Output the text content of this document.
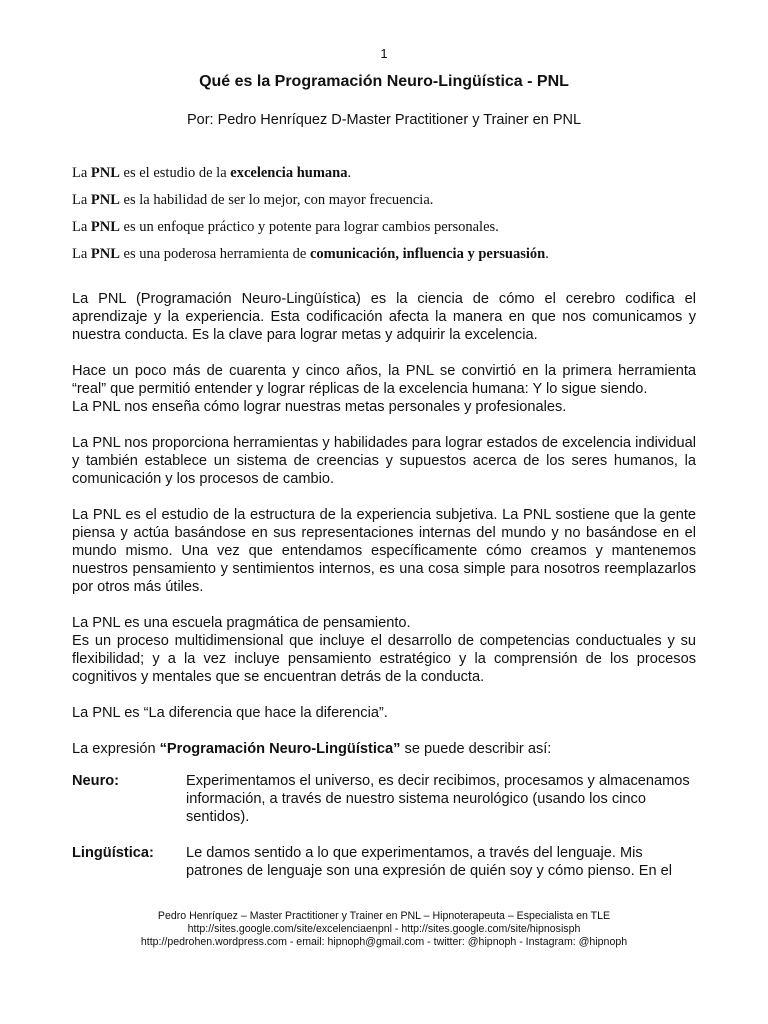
1
Qué es la Programación Neuro-Lingüística - PNL
Por: Pedro Henríquez D-Master Practitioner y Trainer en PNL

La PNL es el estudio de la excelencia humana.

La PNL es la habilidad de ser lo mejor, con mayor frecuencia.

La PNL es un enfoque práctico y potente para lograr cambios personales.

La PNL es una poderosa herramienta de comunicación, influencia y persuasión.

La PNL (Programación Neuro-Lingüística) es la ciencia de cómo el cerebro codifica el aprendizaje y la experiencia. Esta codificación afecta la manera en que nos comunicamos y nuestra conducta. Es la clave para lograr metas y adquirir la excelencia.

Hace un poco más de cuarenta y cinco años, la PNL se convirtió en la primera herramienta “real” que permitió entender y lograr réplicas de la excelencia humana: Y lo sigue siendo.

La PNL nos enseña cómo lograr nuestras metas personales y profesionales.

La PNL nos proporciona herramientas y habilidades para lograr estados de excelencia individual y también establece un sistema de creencias y supuestos acerca de los seres humanos, la comunicación y los procesos de cambio.

La PNL es el estudio de la estructura de la experiencia subjetiva. La PNL sostiene que la gente piensa y actúa basándose en sus representaciones internas del mundo y no basándose en el mundo mismo. Una vez que entendamos específicamente cómo creamos y mantenemos nuestros pensamiento y sentimientos internos, es una cosa simple para nosotros reemplazarlos por otros más útiles.

La PNL es una escuela pragmática de pensamiento.

Es un proceso multidimensional que incluye el desarrollo de competencias conductuales y su flexibilidad; y a la vez incluye pensamiento estratégico y la comprensión de los procesos cognitivos y mentales que se encuentran detrás de la conducta.

La PNL es “La diferencia que hace la diferencia”.

La expresión “Programación Neuro-Lingüística” se puede describir así:

Neuro:	Experimentamos el universo, es decir recibimos, procesamos y almacenamos información, a través de nuestro sistema neurológico (usando los cinco sentidos).
Lingüística:	Le damos sentido a lo que experimentamos, a través del lenguaje. Mis patrones de lenguaje son una expresión de quién soy y cómo pienso. En el
Pedro Henríquez – Master Practitioner y Trainer en PNL – Hipnoterapeuta – Especialista en TLE
http://sites.google.com/site/excelenciaenpnl - http://sites.google.com/site/hipnosisph
http://pedrohen.wordpress.com - email: hipnoph@gmail.com - twitter: @hipnoph - Instagram: @hipnoph
